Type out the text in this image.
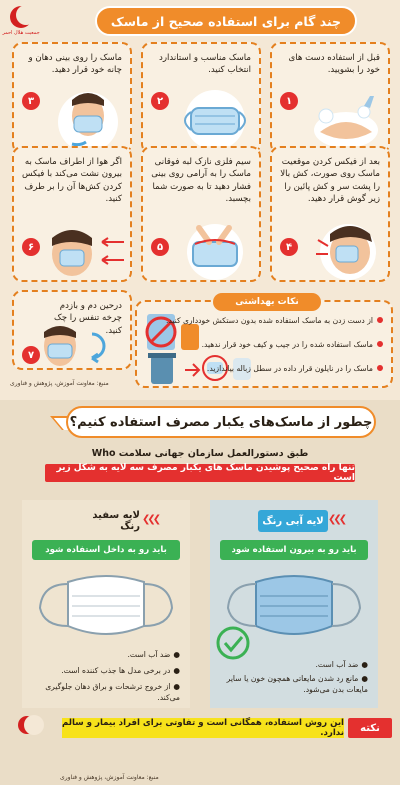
جمعیت هلال احمر
چند گام برای استفاده صحیح از ماسک
قبل از استفاده دست های خود را بشویید.
۱
ماسک مناسب و استاندارد انتخاب کنید.
۲
ماسک را روی بینی دهان و چانه خود قرار دهید.
۳
بعد از فیکس کردن موقعیت ماسک روی صورت، کش بالا را پشت سر و کش پائین را زیر گوش قرار دهید.
۴
سیم فلزی نازک لبه فوقانی ماسک را به آرامی روی بینی فشار دهید تا به صورت شما بچسبد.
۵
اگر هوا از اطراف ماسک به بیرون نشت می‌کند با فیکس کردن کش‌ها آن را بر طرف کنید.
۶
درحین دم و بازدم چرخه تنفس را چک کنید.
۷
نکات بهداشتی
از دست زدن به ماسک استفاده شده بدون دستکش خودداری کنید.
ماسک استفاده شده را در جیب و کیف خود قرار ندهید.
ماسک را در نایلون قرار داده در سطل زباله بیاندازید.
منبع: معاونت آموزش، پژوهش و فناوری
چطور از ماسک‌های یکبار مصرف استفاده کنیم؟
طبق دستورالعمل سازمان جهانی سلامت Who
تنها راه صحیح پوشیدن ماسک های یکبار مصرف سه لایه به شکل زیر است
❯❯❯
لایه آبی رنگ
باید رو به بیرون استفاده شود
●ضد آب است.
●مانع رد شدن مایعاتی همچون خون یا سایر مایعات بدن می‌شود.
❯❯❯
لایه سفید رنگ
باید رو به داخل استفاده شود
●ضد آب است.
●در برخی مدل ها جذب کننده است.
●از خروج ترشحات و براق دهان جلوگیری می‌کند.
نکته
این روش استفاده، همگانی است و تفاوتی برای افراد بیمار و سالم ندارد.
منبع: معاونت آموزش، پژوهش و فناوری
